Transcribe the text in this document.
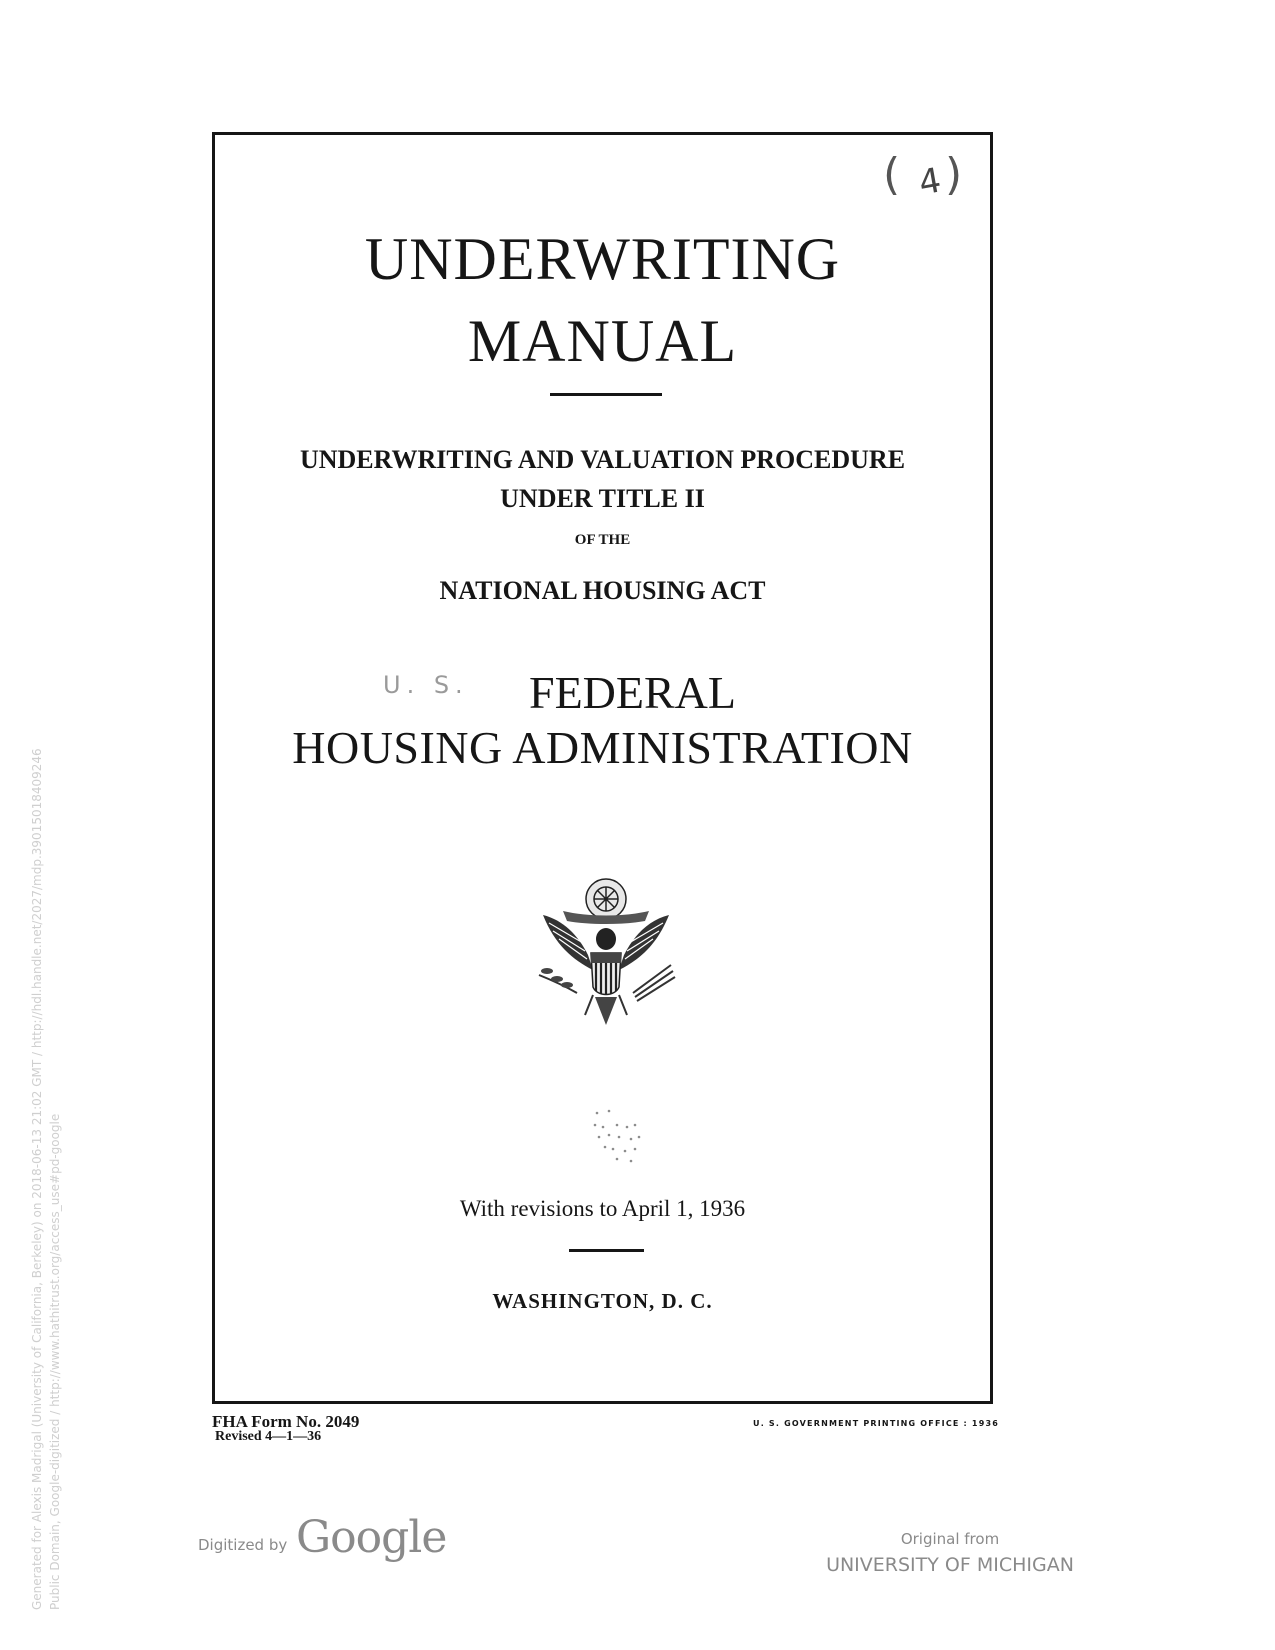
Generated for Alexis Madrigal (University of California, Berkeley) on 2018-06-13 21:02 GMT / http://hdl.handle.net/2027/mdp.39015018409246 Public Domain, Google-digitized / http://www.hathitrust.org/access_use#pd-google
( 4 )
UNDERWRITING
MANUAL
UNDERWRITING AND VALUATION PROCEDURE
UNDER TITLE II
OF THE
NATIONAL HOUSING ACT
U. S.	FEDERAL
HOUSING ADMINISTRATION
With revisions to April 1, 1936
WASHINGTON, D. C.
FHA Form No. 2049
Revised 4—1—36
U. S. GOVERNMENT PRINTING OFFICE : 1936
Digitized by Google	Original from
UNIVERSITY OF MICHIGAN
